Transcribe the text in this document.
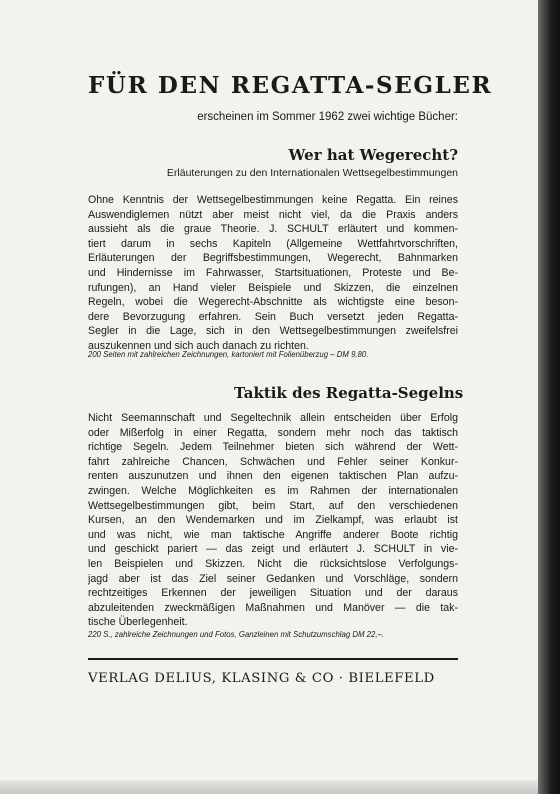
FÜR DEN REGATTA-SEGLER
erscheinen im Sommer 1962 zwei wichtige Bücher:
Wer hat Wegerecht?
Erläuterungen zu den Internationalen Wettsegelbestimmungen
Ohne Kenntnis der Wettsegelbestimmungen keine Regatta. Ein reines
Auswendiglernen nützt aber meist nicht viel, da die Praxis anders
aussieht als die graue Theorie. J. SCHULT erläutert und kommen-
tiert darum in sechs Kapiteln (Allgemeine Wettfahrtvorschriften,
Erläuterungen der Begriffsbestimmungen, Wegerecht, Bahnmarken
und Hindernisse im Fahrwasser, Startsituationen, Proteste und Be-
rufungen), an Hand vieler Beispiele und Skizzen, die einzelnen
Regeln, wobei die Wegerecht-Abschnitte als wichtigste eine beson-
dere Bevorzugung erfahren. Sein Buch versetzt jeden Regatta-
Segler in die Lage, sich in den Wettsegelbestimmungen zweifelsfrei
auszukennen und sich auch danach zu richten.
200 Seiten mit zahlreichen Zeichnungen, kartoniert mit Folienüberzug – DM 9,80.
Taktik des Regatta-Segelns
Nicht Seemannschaft und Segeltechnik allein entscheiden über Erfolg
oder Mißerfolg in einer Regatta, sondern mehr noch das taktisch
richtige Segeln. Jedem Teilnehmer bieten sich während der Wett-
fahrt zahlreiche Chancen, Schwächen und Fehler seiner Konkur-
renten auszunutzen und ihnen den eigenen taktischen Plan aufzu-
zwingen. Welche Möglichkeiten es im Rahmen der internationalen
Wettsegelbestimmungen gibt, beim Start, auf den verschiedenen
Kursen, an den Wendemarken und im Zielkampf, was erlaubt ist
und was nicht, wie man taktische Angriffe anderer Boote richtig
und geschickt pariert — das zeigt und erläutert J. SCHULT in vie-
len Beispielen und Skizzen. Nicht die rücksichtslose Verfolgungs-
jagd aber ist das Ziel seiner Gedanken und Vorschläge, sondern
rechtzeitiges Erkennen der jeweiligen Situation und der daraus
abzuleitenden zweckmäßigen Maßnahmen und Manöver — die tak-
tische Überlegenheit.
220 S., zahlreiche Zeichnungen und Fotos, Ganzleinen mit Schutzumschlag DM 22,–.
VERLAG DELIUS, KLASING & CO · BIELEFELD
